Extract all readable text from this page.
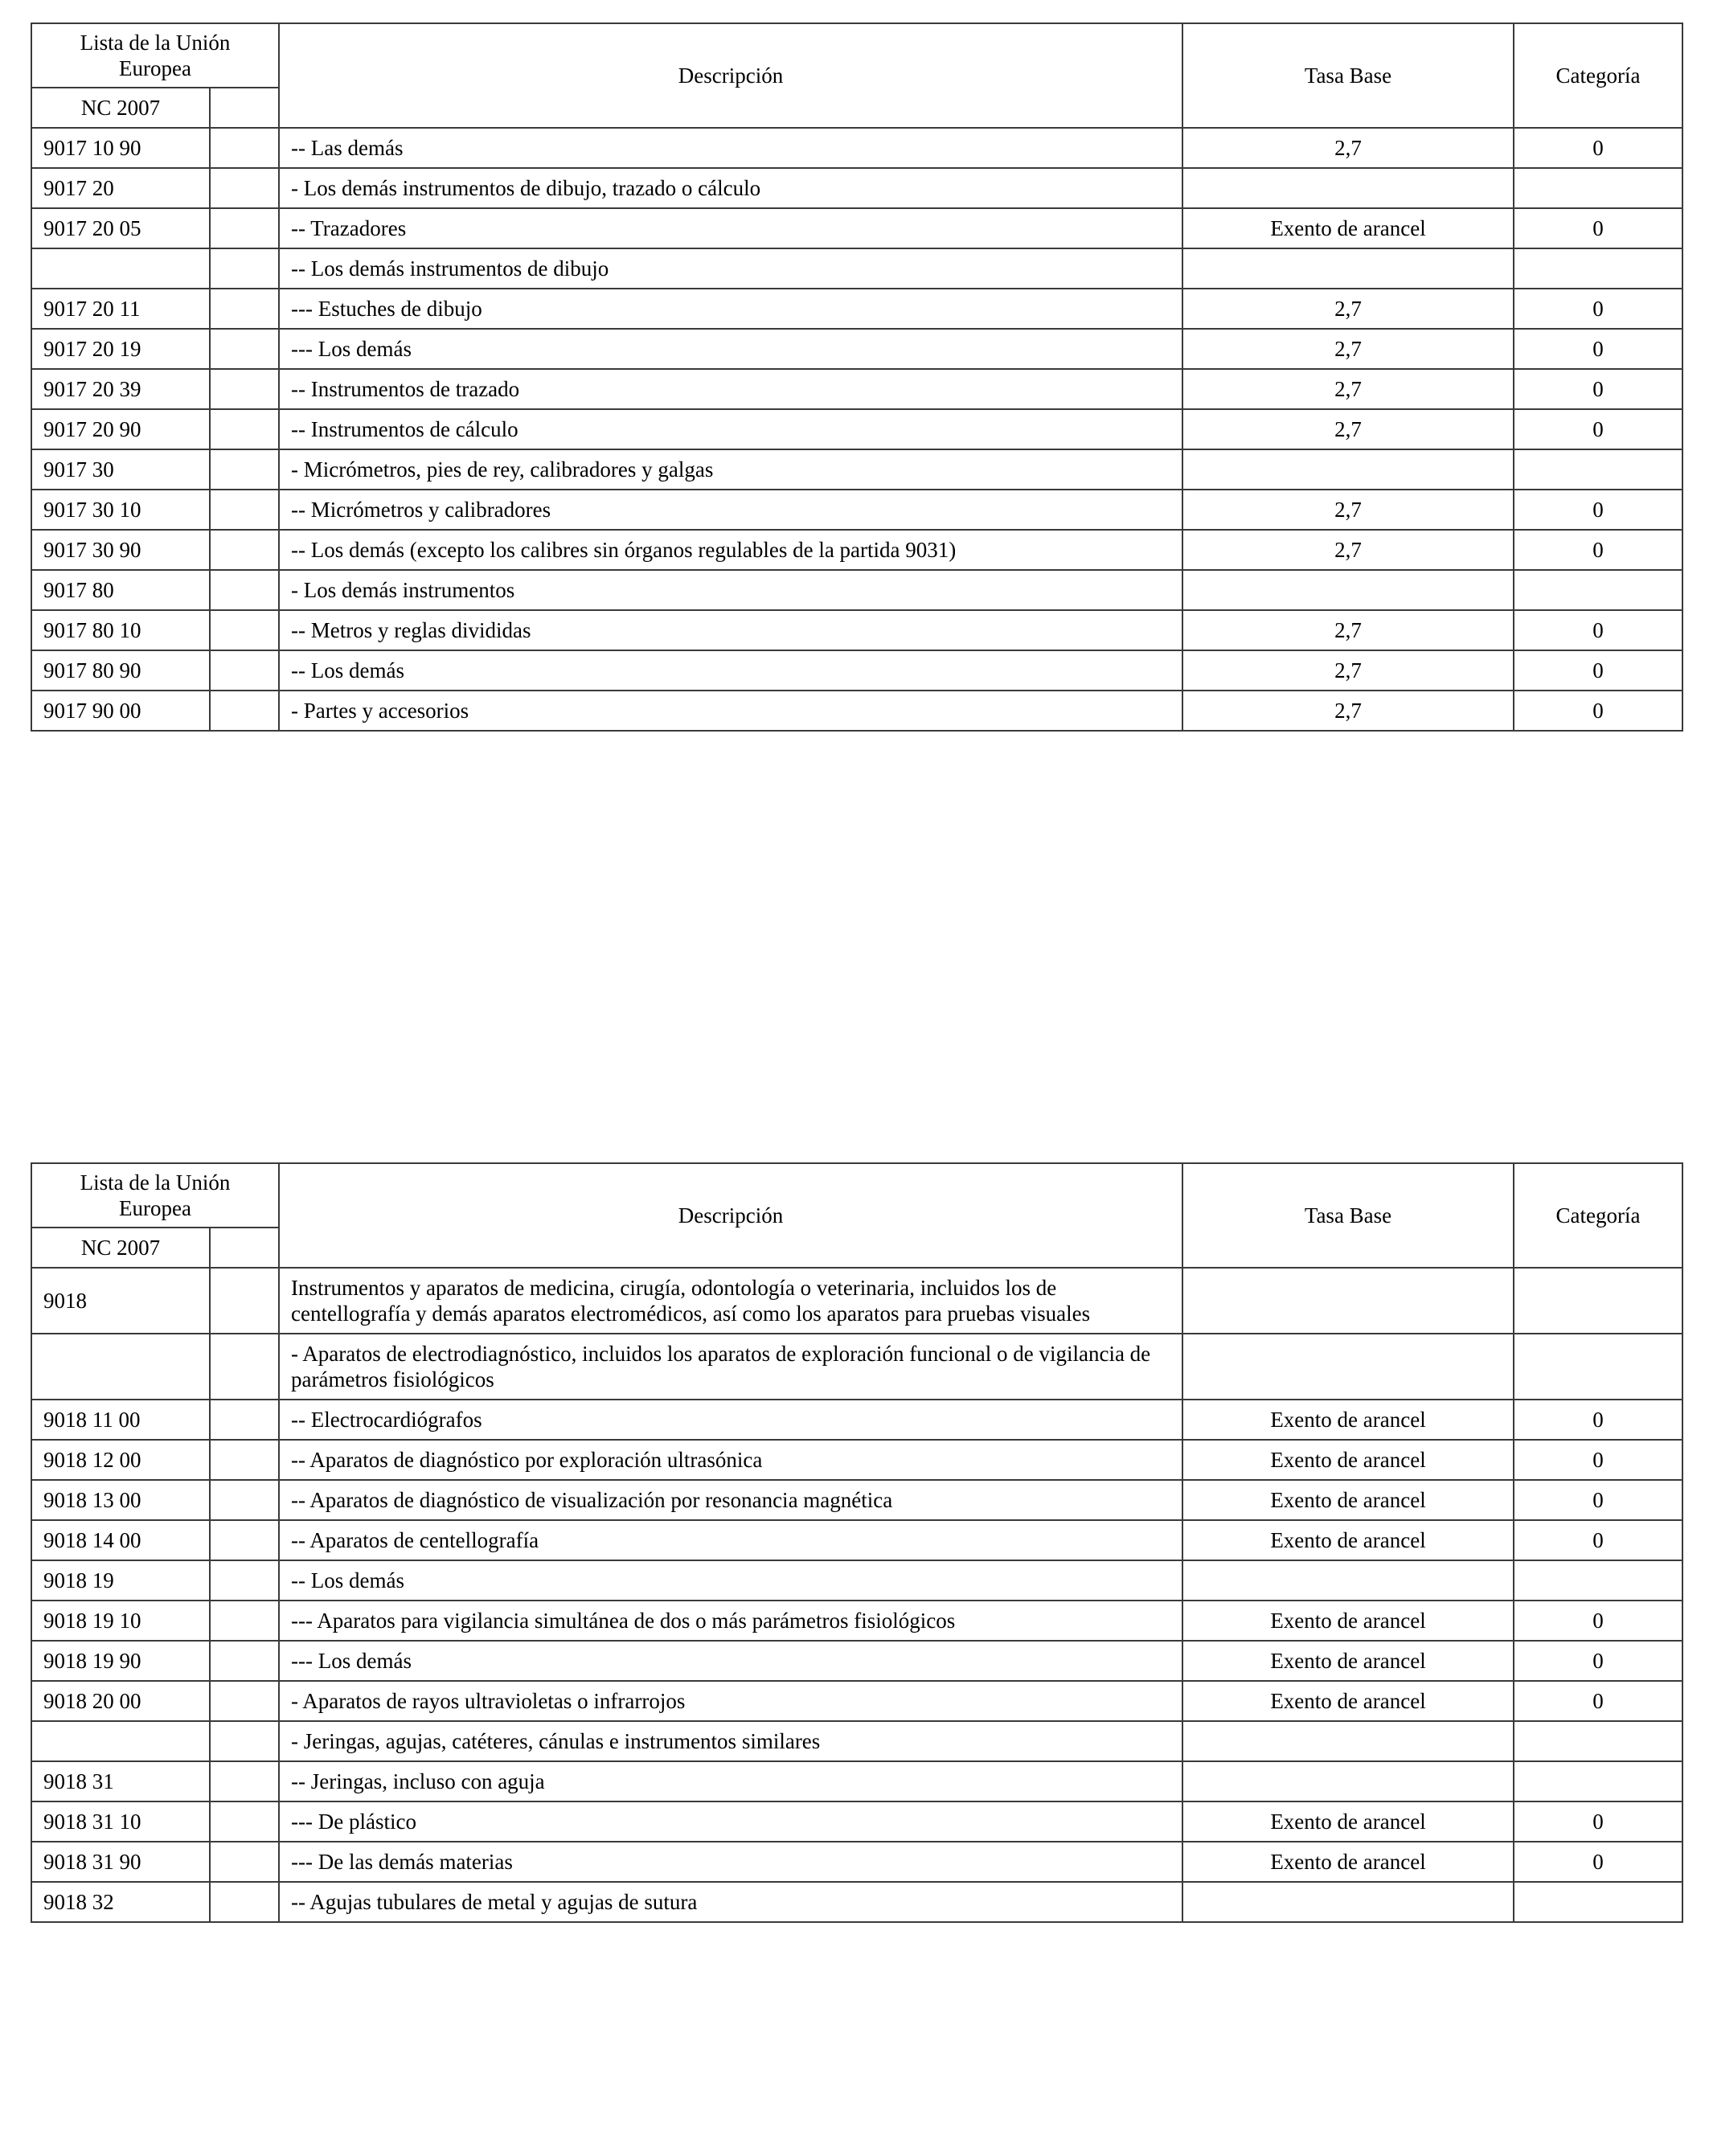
Lista de la Unión Europea		Descripción	Tasa Base	Categoría
NC 2007				
9017 10 90		-- Las demás	2,7	0
9017 20		- Los demás instrumentos de dibujo, trazado o cálculo		
9017 20 05		-- Trazadores	Exento de arancel	0
		-- Los demás instrumentos de dibujo		
9017 20 11		--- Estuches de dibujo	2,7	0
9017 20 19		--- Los demás	2,7	0
9017 20 39		-- Instrumentos de trazado	2,7	0
9017 20 90		-- Instrumentos de cálculo	2,7	0
9017 30		- Micrómetros, pies de rey, calibradores y galgas		
9017 30 10		-- Micrómetros y calibradores	2,7	0
9017 30 90		-- Los demás (excepto los calibres sin órganos regulables de la partida 9031)	2,7	0
9017 80		- Los demás instrumentos		
9017 80 10		-- Metros y reglas divididas	2,7	0
9017 80 90		-- Los demás	2,7	0
9017 90 00		- Partes y accesorios	2,7	0
Lista de la Unión Europea		Descripción	Tasa Base	Categoría
NC 2007				
9018		Instrumentos y aparatos de medicina, cirugía, odontología o veterinaria, incluidos los de centellografía y demás aparatos electromédicos, así como los aparatos para pruebas visuales		
		- Aparatos de electrodiagnóstico, incluidos los aparatos de exploración funcional o de vigilancia de parámetros fisiológicos		
9018 11 00		-- Electrocardiógrafos	Exento de arancel	0
9018 12 00		-- Aparatos de diagnóstico por exploración ultrasónica	Exento de arancel	0
9018 13 00		-- Aparatos de diagnóstico de visualización por resonancia magnética	Exento de arancel	0
9018 14 00		-- Aparatos de centellografía	Exento de arancel	0
9018 19		-- Los demás		
9018 19 10		--- Aparatos para vigilancia simultánea de dos o más parámetros fisiológicos	Exento de arancel	0
9018 19 90		--- Los demás	Exento de arancel	0
9018 20 00		- Aparatos de rayos ultravioletas o infrarrojos	Exento de arancel	0
		- Jeringas, agujas, catéteres, cánulas e instrumentos similares		
9018 31		-- Jeringas, incluso con aguja		
9018 31 10		--- De plástico	Exento de arancel	0
9018 31 90		--- De las demás materias	Exento de arancel	0
9018 32		-- Agujas tubulares de metal y agujas de sutura		
